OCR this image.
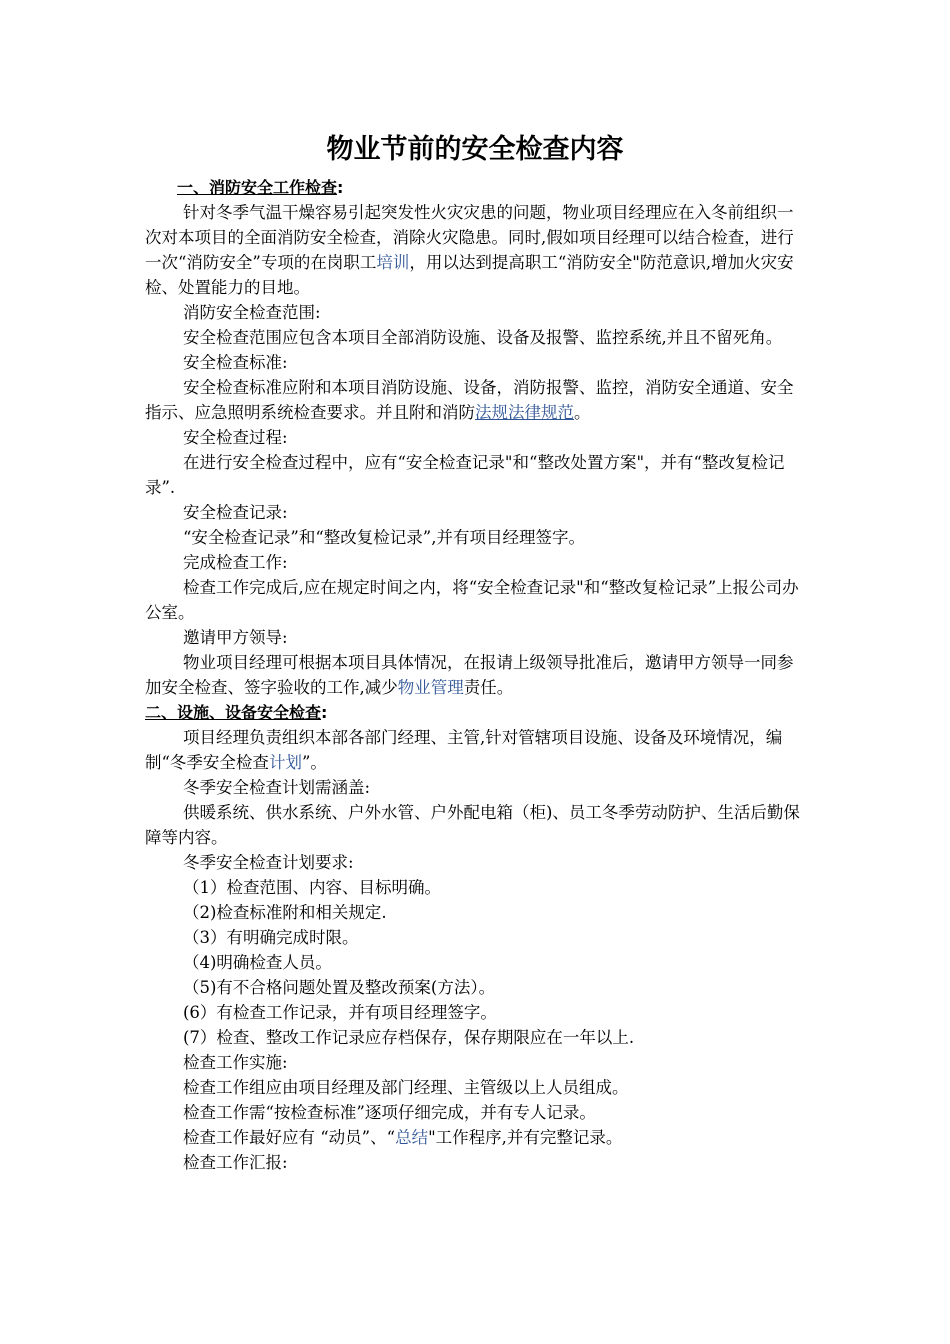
物业节前的安全检查内容

一、消防安全工作检查:

针对冬季气温干燥容易引起突发性火灾灾患的问题，物业项目经理应在入冬前组织一次对本项目的全面消防安全检查，消除火灾隐患。同时,假如项目经理可以结合检查，进行一次“消防安全”专项的在岗职工培训，用以达到提高职工“消防安全"防范意识,增加火灾安检、处置能力的目地。

消防安全检查范围:

安全检查范围应包含本项目全部消防设施、设备及报警、监控系统,并且不留死角。

安全检查标准:

安全检查标准应附和本项目消防设施、设备，消防报警、监控，消防安全通道、安全指示、应急照明系统检查要求。并且附和消防法规法律规范。

安全检查过程:

在进行安全检查过程中，应有“安全检查记录"和“整改处置方案"，并有“整改复检记录”.

安全检查记录:

“安全检查记录”和“整改复检记录”,并有项目经理签字。

完成检查工作:

检查工作完成后,应在规定时间之内，将“安全检查记录"和“整改复检记录”上报公司办公室。

邀请甲方领导:

物业项目经理可根据本项目具体情况，在报请上级领导批准后，邀请甲方领导一同参加安全检查、签字验收的工作,减少物业管理责任。

二、设施、设备安全检查:

项目经理负责组织本部各部门经理、主管,针对管辖项目设施、设备及环境情况，编制“冬季安全检查计划”。

冬季安全检查计划需涵盖:

供暖系统、供水系统、户外水管、户外配电箱（柜)、员工冬季劳动防护、生活后勤保障等内容。

冬季安全检查计划要求:

（1）检查范围、内容、目标明确。

（2)检查标准附和相关规定.

（3）有明确完成时限。

（4)明确检查人员。

（5)有不合格问题处置及整改预案(方法）。

(6）有检查工作记录，并有项目经理签字。

(7）检查、整改工作记录应存档保存，保存期限应在一年以上.

检查工作实施:

检查工作组应由项目经理及部门经理、主管级以上人员组成。

检查工作需“按检查标准”逐项仔细完成，并有专人记录。

检查工作最好应有 “动员”、“总结"工作程序,并有完整记录。

检查工作汇报:
